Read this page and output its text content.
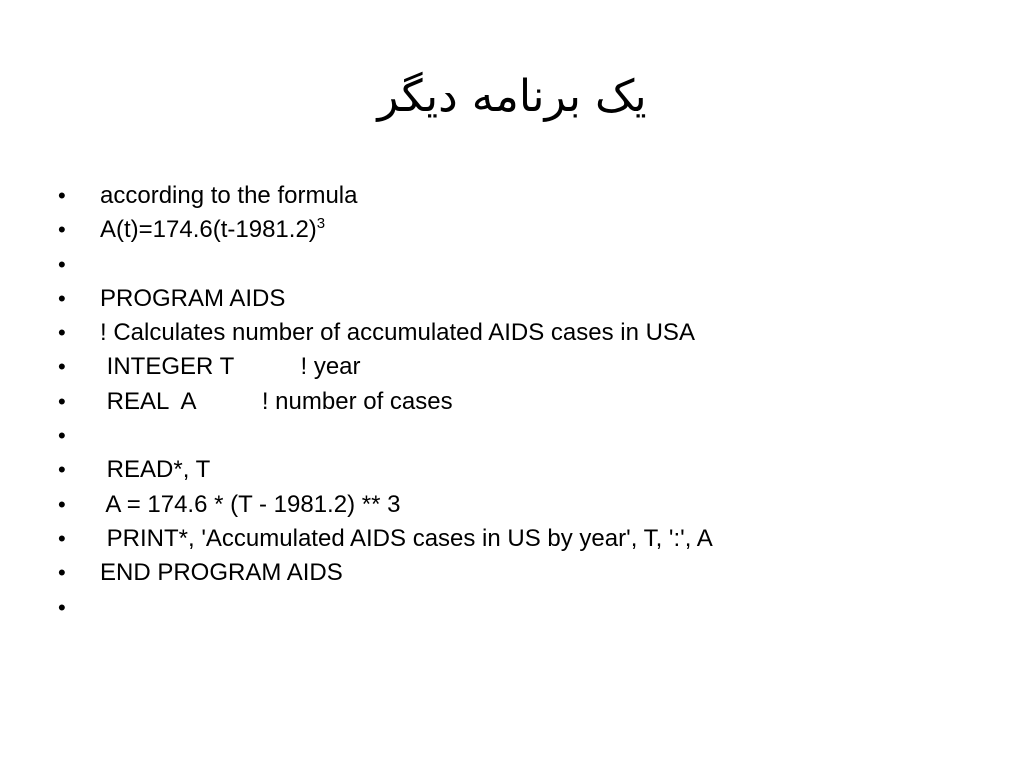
یک برنامه دیگر
• according to the formula
• $A(t)=174.6(t-1981.2)^3$
•
• PROGRAM AIDS
• ! Calculates number of accumulated AIDS cases in USA
• INTEGER T          ! year
• REAL  A          ! number of cases
•
• READ*, T
• A = 174.6 * (T - 1981.2) ** 3
• PRINT*, 'Accumulated AIDS cases in US by year', T, ':', A
• END PROGRAM AIDS
•
